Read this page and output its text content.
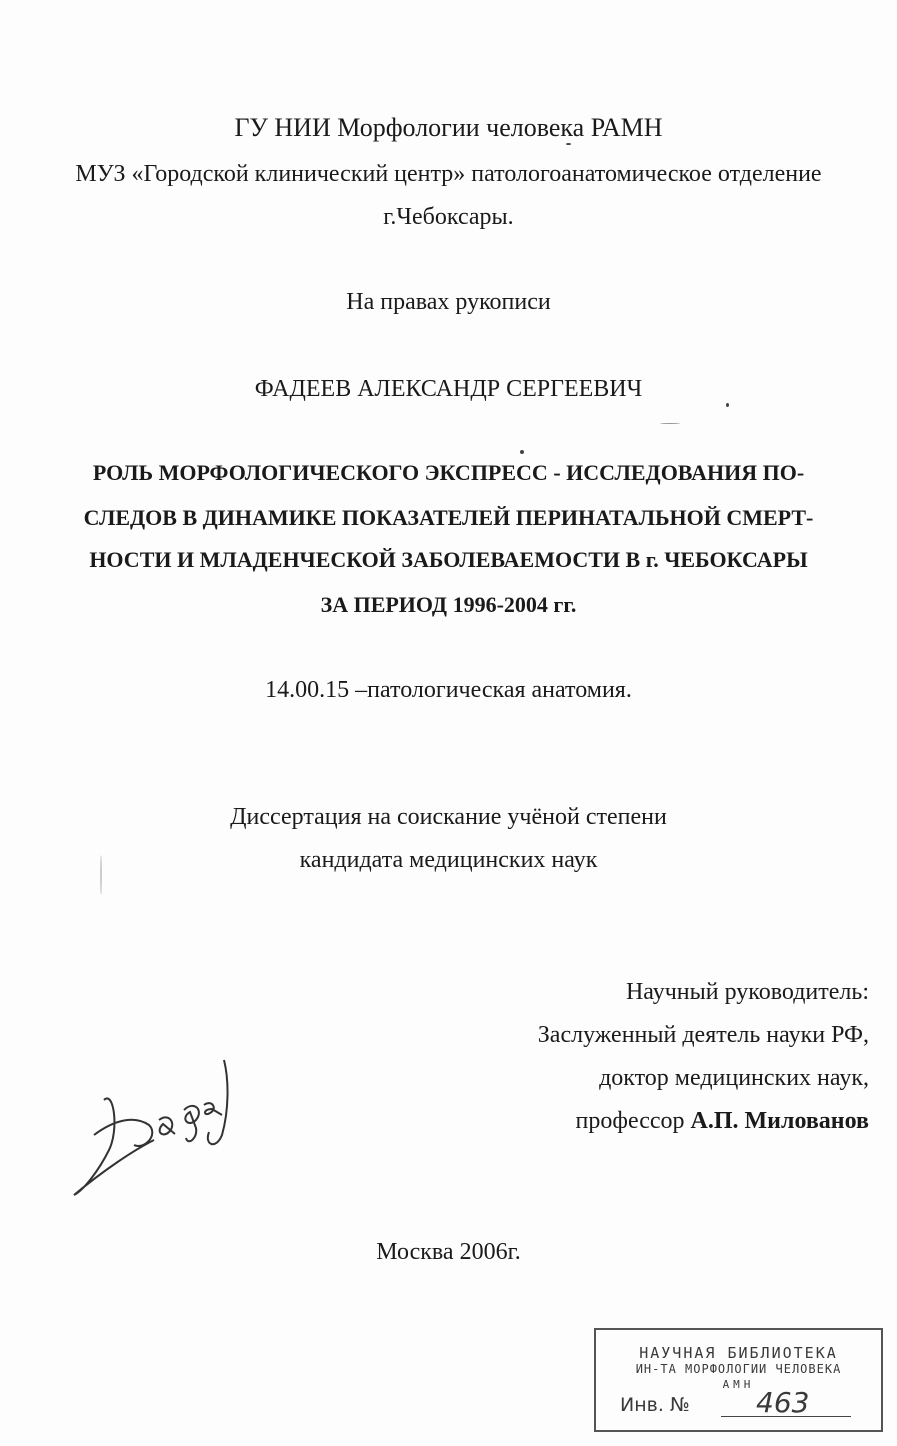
ГУ НИИ Морфологии человека РАМН
МУЗ «Городской клинический центр» патологоанатомическое отделение
г.Чебоксары.
На правах рукописи
ФАДЕЕВ АЛЕКСАНДР СЕРГЕЕВИЧ
РОЛЬ МОРФОЛОГИЧЕСКОГО ЭКСПРЕСС - ИССЛЕДОВАНИЯ ПО-
СЛЕДОВ В ДИНАМИКЕ ПОКАЗАТЕЛЕЙ ПЕРИНАТАЛЬНОЙ СМЕРТ-
НОСТИ И МЛАДЕНЧЕСКОЙ ЗАБОЛЕВАЕМОСТИ В г. ЧЕБОКСАРЫ
ЗА ПЕРИОД 1996-2004 гг.
14.00.15 –патологическая анатомия.
Диссертация на соискание учёной степени
кандидата медицинских наук
Научный руководитель:
Заслуженный деятель науки РФ,
доктор медицинских наук,
профессор А.П. Милованов
Москва 2006г.
НАУЧНАЯ БИБЛИОТЕКА
ИН-ТА МОРФОЛОГИИ ЧЕЛОВЕКА
АМН
Инв. № 463
